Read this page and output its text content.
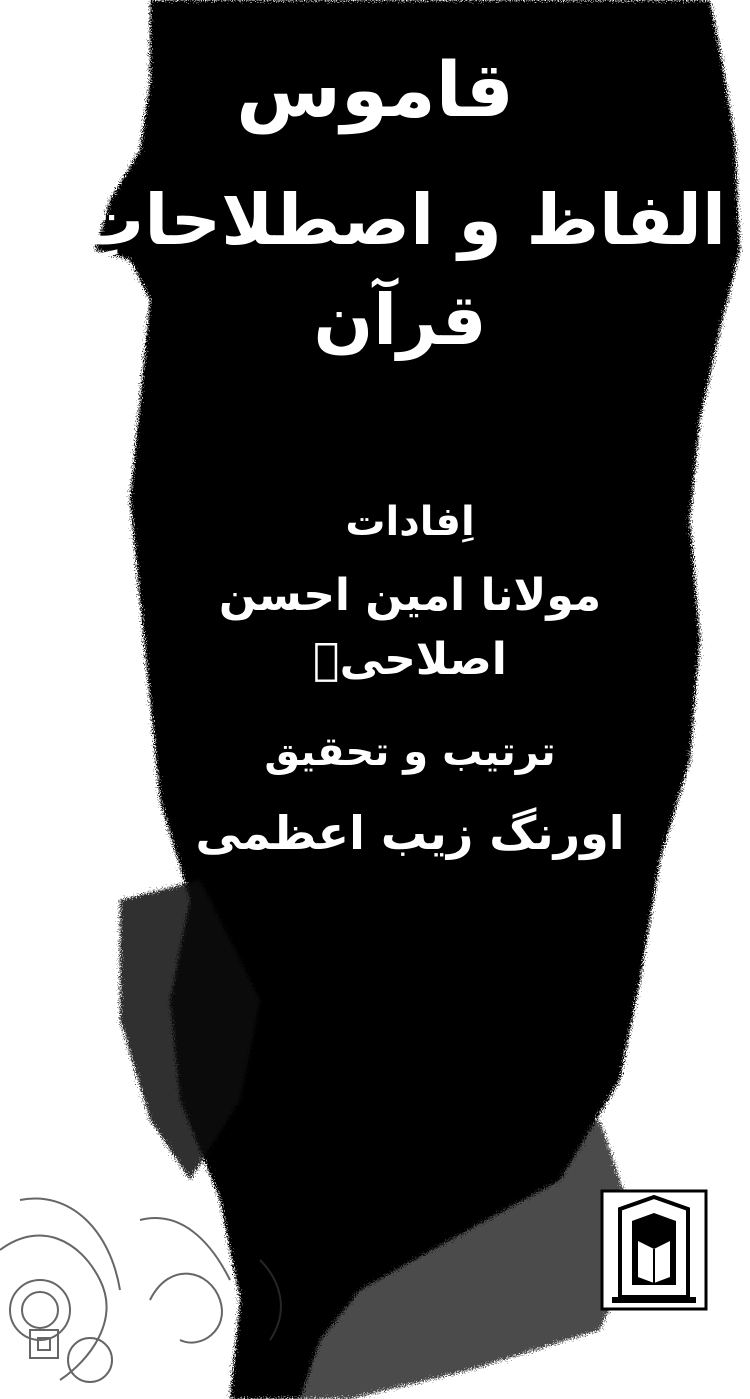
قاموس
الفاظ و اصطلاحاتِ قرآن
اِفادات
مولانا امین احسن اصلاحیؒ
ترتیب و تحقیق
اورنگ زیب اعظمی
